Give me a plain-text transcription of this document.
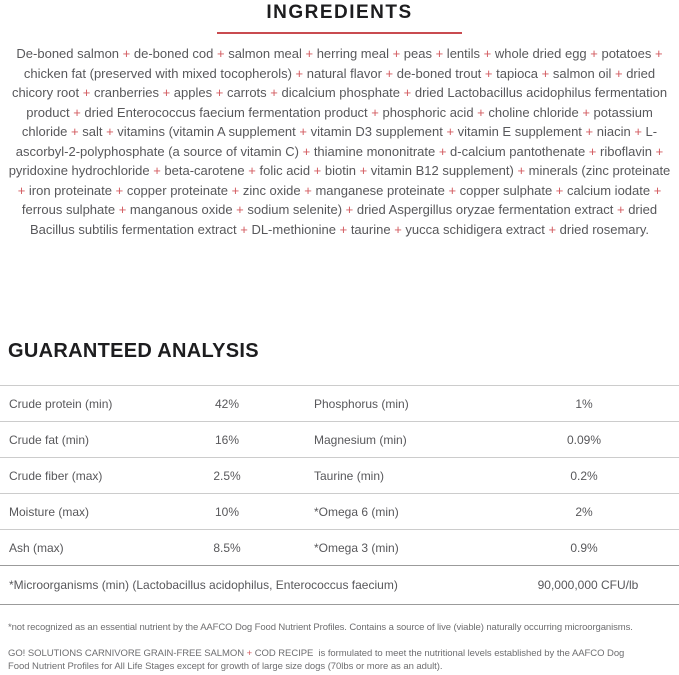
INGREDIENTS

De-boned salmon + de-boned cod + salmon meal + herring meal + peas + lentils + whole dried egg + potatoes + chicken fat (preserved with mixed tocopherols) + natural flavor + de-boned trout + tapioca + salmon oil + dried chicory root + cranberries + apples + carrots + dicalcium phosphate + dried Lactobacillus acidophilus fermentation product + dried Enterococcus faecium fermentation product + phosphoric acid + choline chloride + potassium chloride + salt + vitamins (vitamin A supplement + vitamin D3 supplement + vitamin E supplement + niacin + L-ascorbyl-2-polyphosphate (a source of vitamin C) + thiamine mononitrate + d-calcium pantothenate + riboflavin + pyridoxine hydrochloride + beta-carotene + folic acid + biotin + vitamin B12 supplement) + minerals (zinc proteinate + iron proteinate + copper proteinate + zinc oxide + manganese proteinate + copper sulphate + calcium iodate + ferrous sulphate + manganous oxide + sodium selenite) + dried Aspergillus oryzae fermentation extract + dried Bacillus subtilis fermentation extract + DL-methionine + taurine + yucca schidigera extract + dried rosemary.

GUARANTEED ANALYSIS
Crude protein (min)	42%	Phosphorus (min)	1%
Crude fat (min)	16%	Magnesium (min)	0.09%
Crude fiber (max)	2.5%	Taurine (min)	0.2%
Moisture (max)	10%	*Omega 6 (min)	2%
Ash (max)	8.5%	*Omega 3 (min)	0.9%
*Microorganisms (min) (Lactobacillus acidophilus, Enterococcus faecium)	90,000,000 CFU/lb

*not recognized as an essential nutrient by the AAFCO Dog Food Nutrient Profiles. Contains a source of live (viable) naturally occurring microorganisms.

GO! SOLUTIONS CARNIVORE GRAIN-FREE SALMON + COD RECIPE  is formulated to meet the nutritional levels established by the AAFCO Dog Food Nutrient Profiles for All Life Stages except for growth of large size dogs (70lbs or more as an adult).
